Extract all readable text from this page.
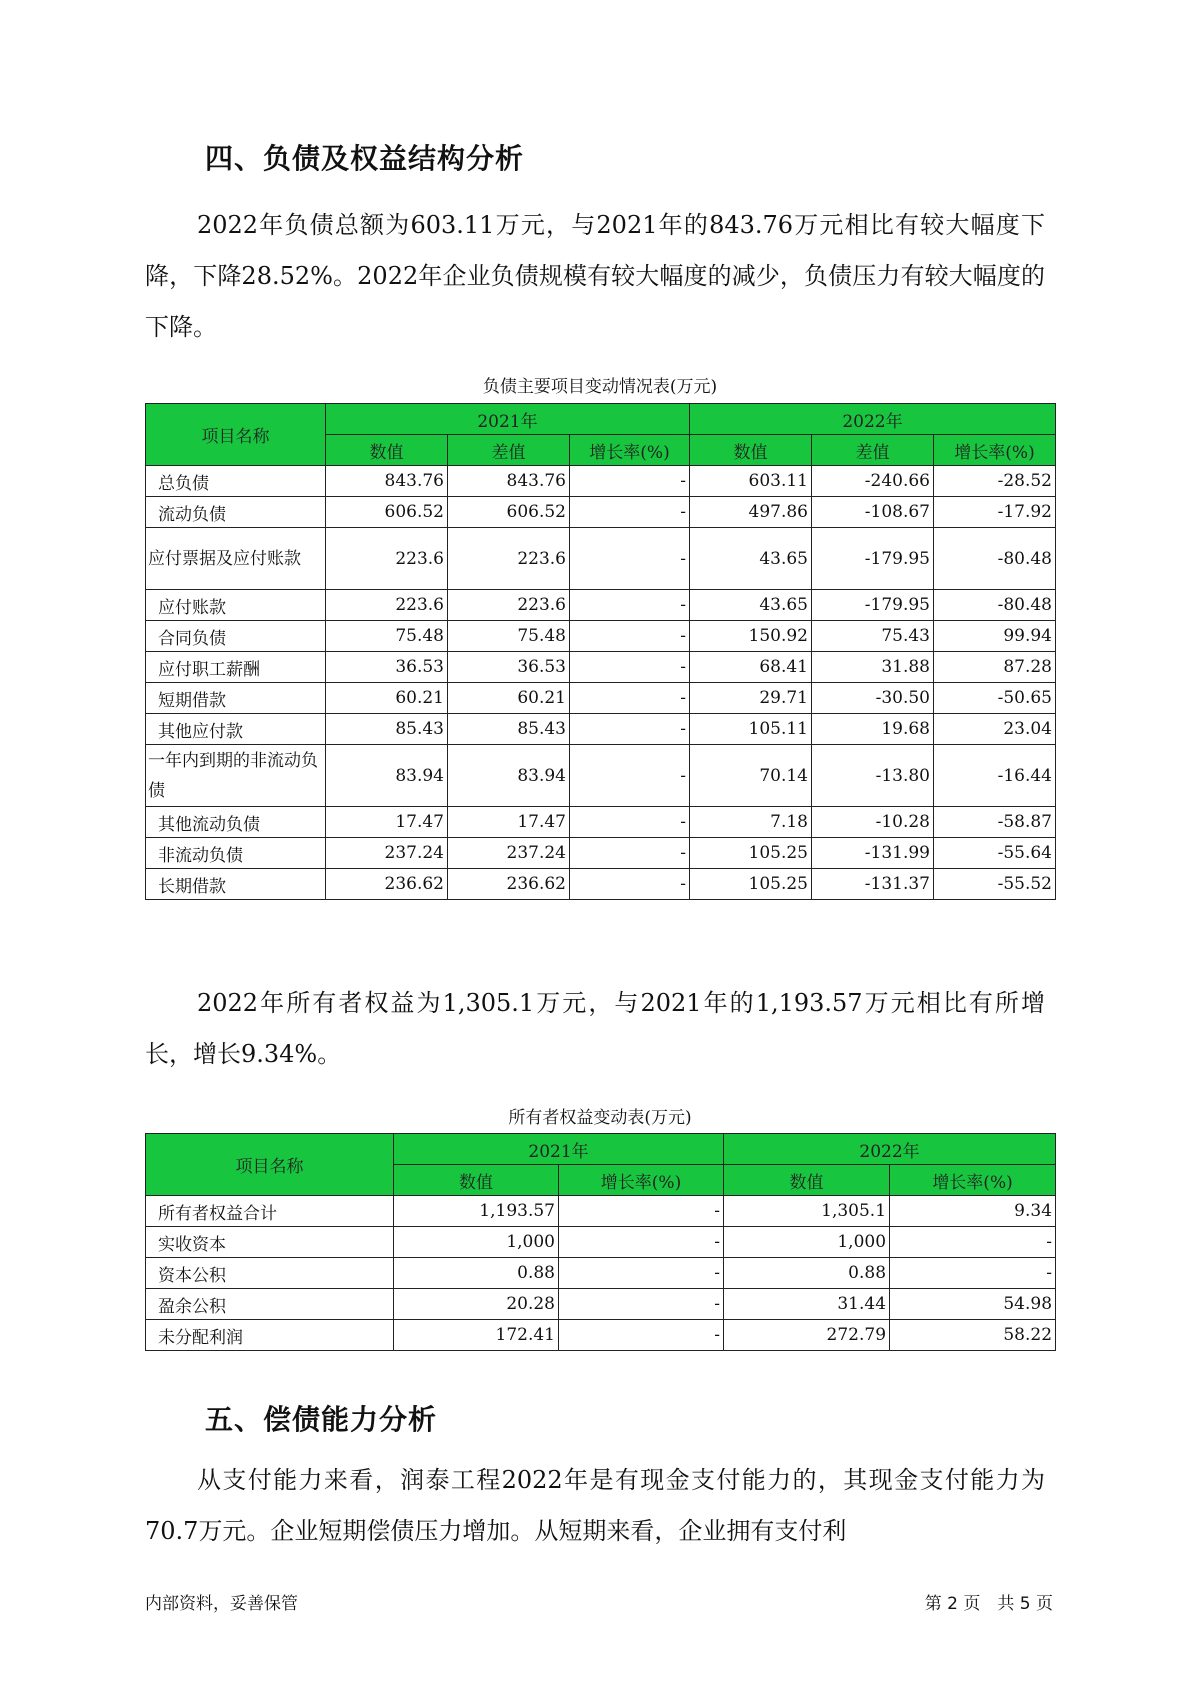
四、负债及权益结构分析

2022年负债总额为603.11万元，与2021年的843.76万元相比有较大幅度下降，下降28.52%。2022年企业负债规模有较大幅度的减少，负债压力有较大幅度的下降。

负债主要项目变动情况表(万元)

项目名称	2021年			2022年		
	数值	差值	增长率(%)	数值	差值	增长率(%)
总负债	843.76	843.76	-	603.11	-240.66	-28.52
流动负债	606.52	606.52	-	497.86	-108.67	-17.92
应付票据及应付账款	223.6	223.6	-	43.65	-179.95	-80.48
应付账款	223.6	223.6	-	43.65	-179.95	-80.48
合同负债	75.48	75.48	-	150.92	75.43	99.94
应付职工薪酬	36.53	36.53	-	68.41	31.88	87.28
短期借款	60.21	60.21	-	29.71	-30.50	-50.65
其他应付款	85.43	85.43	-	105.11	19.68	23.04
一年内到期的非流动负债	83.94	83.94	-	70.14	-13.80	-16.44
其他流动负债	17.47	17.47	-	7.18	-10.28	-58.87
非流动负债	237.24	237.24	-	105.25	-131.99	-55.64
长期借款	236.62	236.62	-	105.25	-131.37	-55.52

2022年所有者权益为1,305.1万元，与2021年的1,193.57万元相比有所增长，增长9.34%。

所有者权益变动表(万元)

项目名称	2021年		2022年	
	数值	增长率(%)	数值	增长率(%)
所有者权益合计	1,193.57	-	1,305.1	9.34
实收资本	1,000	-	1,000	-
资本公积	0.88	-	0.88	-
盈余公积	20.28	-	31.44	54.98
未分配利润	172.41	-	272.79	58.22
五、偿债能力分析

从支付能力来看，润泰工程2022年是有现金支付能力的，其现金支付能力为70.7万元。企业短期偿债压力增加。从短期来看，企业拥有支付利

内部资料，妥善保管	第 2 页　共 5 页
